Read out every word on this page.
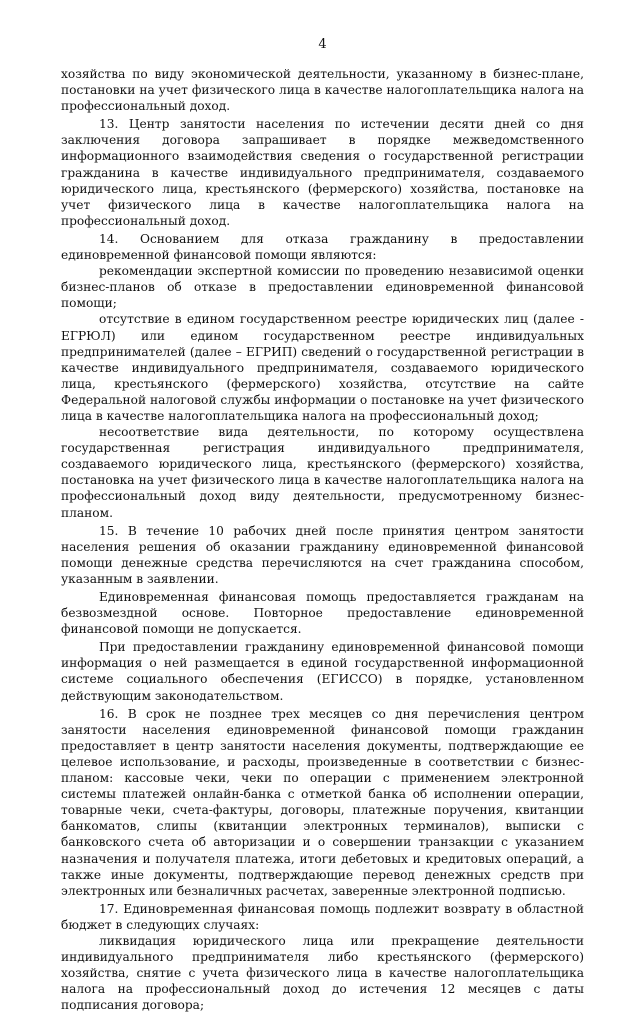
4

хозяйства по виду экономической деятельности, указанному в бизнес-плане, постановки на учет физического лица в качестве налогоплательщика налога на профессиональный доход.

13. Центр занятости населения по истечении десяти дней со дня заключения договора запрашивает в порядке межведомственного информационного взаимодействия сведения о государственной регистрации гражданина в качестве индивидуального предпринимателя, создаваемого юридического лица, крестьянского (фермерского) хозяйства, постановке на учет физического лица в качестве налогоплательщика налога на профессиональный доход.

14. Основанием для отказа гражданину в предоставлении единовременной финансовой помощи являются:

рекомендации экспертной комиссии по проведению независимой оценки бизнес-планов об отказе в предоставлении единовременной финансовой помощи;

отсутствие в едином государственном реестре юридических лиц (далее - ЕГРЮЛ) или едином государственном реестре индивидуальных предпринимателей (далее – ЕГРИП) сведений о государственной регистрации в качестве индивидуального предпринимателя, создаваемого юридического лица, крестьянского (фермерского) хозяйства, отсутствие на сайте Федеральной налоговой службы информации о постановке на учет физического лица в качестве налогоплательщика налога на профессиональный доход;

несоответствие вида деятельности, по которому осуществлена государственная регистрация индивидуального предпринимателя, создаваемого юридического лица, крестьянского (фермерского) хозяйства, постановка на учет физического лица в качестве налогоплательщика налога на профессиональный доход виду деятельности, предусмотренному бизнес-планом.

15. В течение 10 рабочих дней после принятия центром занятости населения решения об оказании гражданину единовременной финансовой помощи денежные средства перечисляются на счет гражданина способом, указанным в заявлении.

Единовременная финансовая помощь предоставляется гражданам на безвозмездной основе. Повторное предоставление единовременной финансовой помощи не допускается.

При предоставлении гражданину единовременной финансовой помощи информация о ней размещается в единой государственной информационной системе социального обеспечения (ЕГИССО) в порядке, установленном действующим законодательством.

16. В срок не позднее трех месяцев со дня перечисления центром занятости населения единовременной финансовой помощи гражданин предоставляет в центр занятости населения документы, подтверждающие ее целевое использование, и расходы, произведенные в соответствии с бизнес-планом: кассовые чеки, чеки по операции с применением электронной системы платежей онлайн-банка с отметкой банка об исполнении операции, товарные чеки, счета-фактуры, договоры, платежные поручения, квитанции банкоматов, слипы (квитанции электронных терминалов), выписки с банковского счета об авторизации и о совершении транзакции с указанием назначения и получателя платежа, итоги дебетовых и кредитовых операций, а также иные документы, подтверждающие перевод денежных средств при электронных или безналичных расчетах, заверенные электронной подписью.

17. Единовременная финансовая помощь подлежит возврату в областной бюджет в следующих случаях:

ликвидация юридического лица или прекращение деятельности индивидуального предпринимателя либо крестьянского (фермерского) хозяйства, снятие с учета физического лица в качестве налогоплательщика налога на профессиональный доход до истечения 12 месяцев с даты подписания договора;
